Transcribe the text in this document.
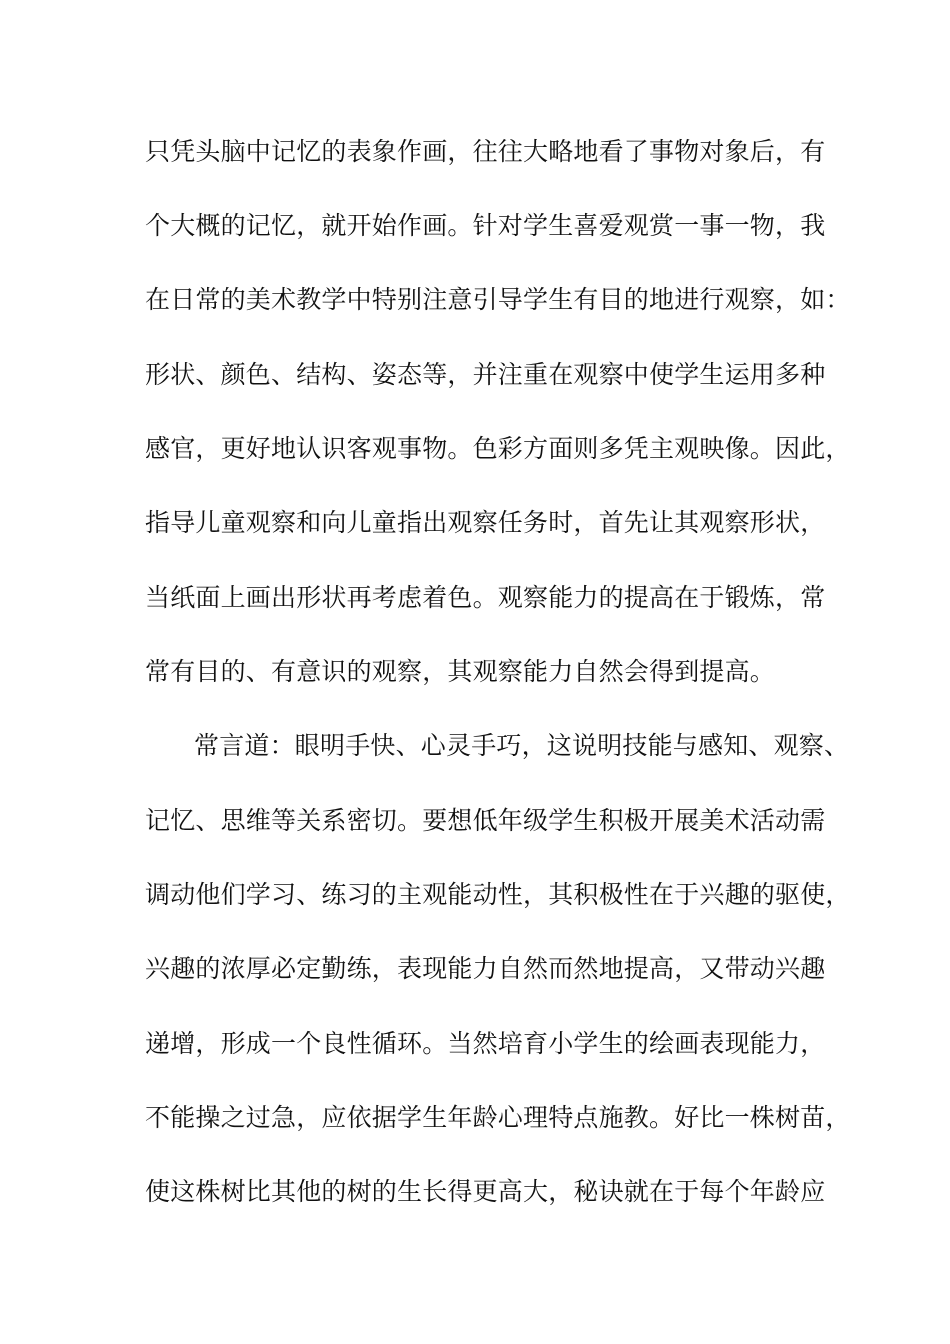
只凭头脑中记忆的表象作画，往往大略地看了事物对象后，有
个大概的记忆，就开始作画。针对学生喜爱观赏一事一物，我
在日常的美术教学中特别注意引导学生有目的地进行观察，如：
形状、颜色、结构、姿态等，并注重在观察中使学生运用多种
感官，更好地认识客观事物。色彩方面则多凭主观映像。因此，
指导儿童观察和向儿童指出观察任务时，首先让其观察形状，
当纸面上画出形状再考虑着色。观察能力的提高在于锻炼，常
常有目的、有意识的观察，其观察能力自然会得到提高。
常言道：眼明手快、心灵手巧，这说明技能与感知、观察、
记忆、思维等关系密切。要想低年级学生积极开展美术活动需
调动他们学习、练习的主观能动性，其积极性在于兴趣的驱使，
兴趣的浓厚必定勤练，表现能力自然而然地提高，又带动兴趣
递增，形成一个良性循环。当然培育小学生的绘画表现能力，
不能操之过急，应依据学生年龄心理特点施教。好比一株树苗，
使这株树比其他的树的生长得更高大，秘诀就在于每个年龄应
